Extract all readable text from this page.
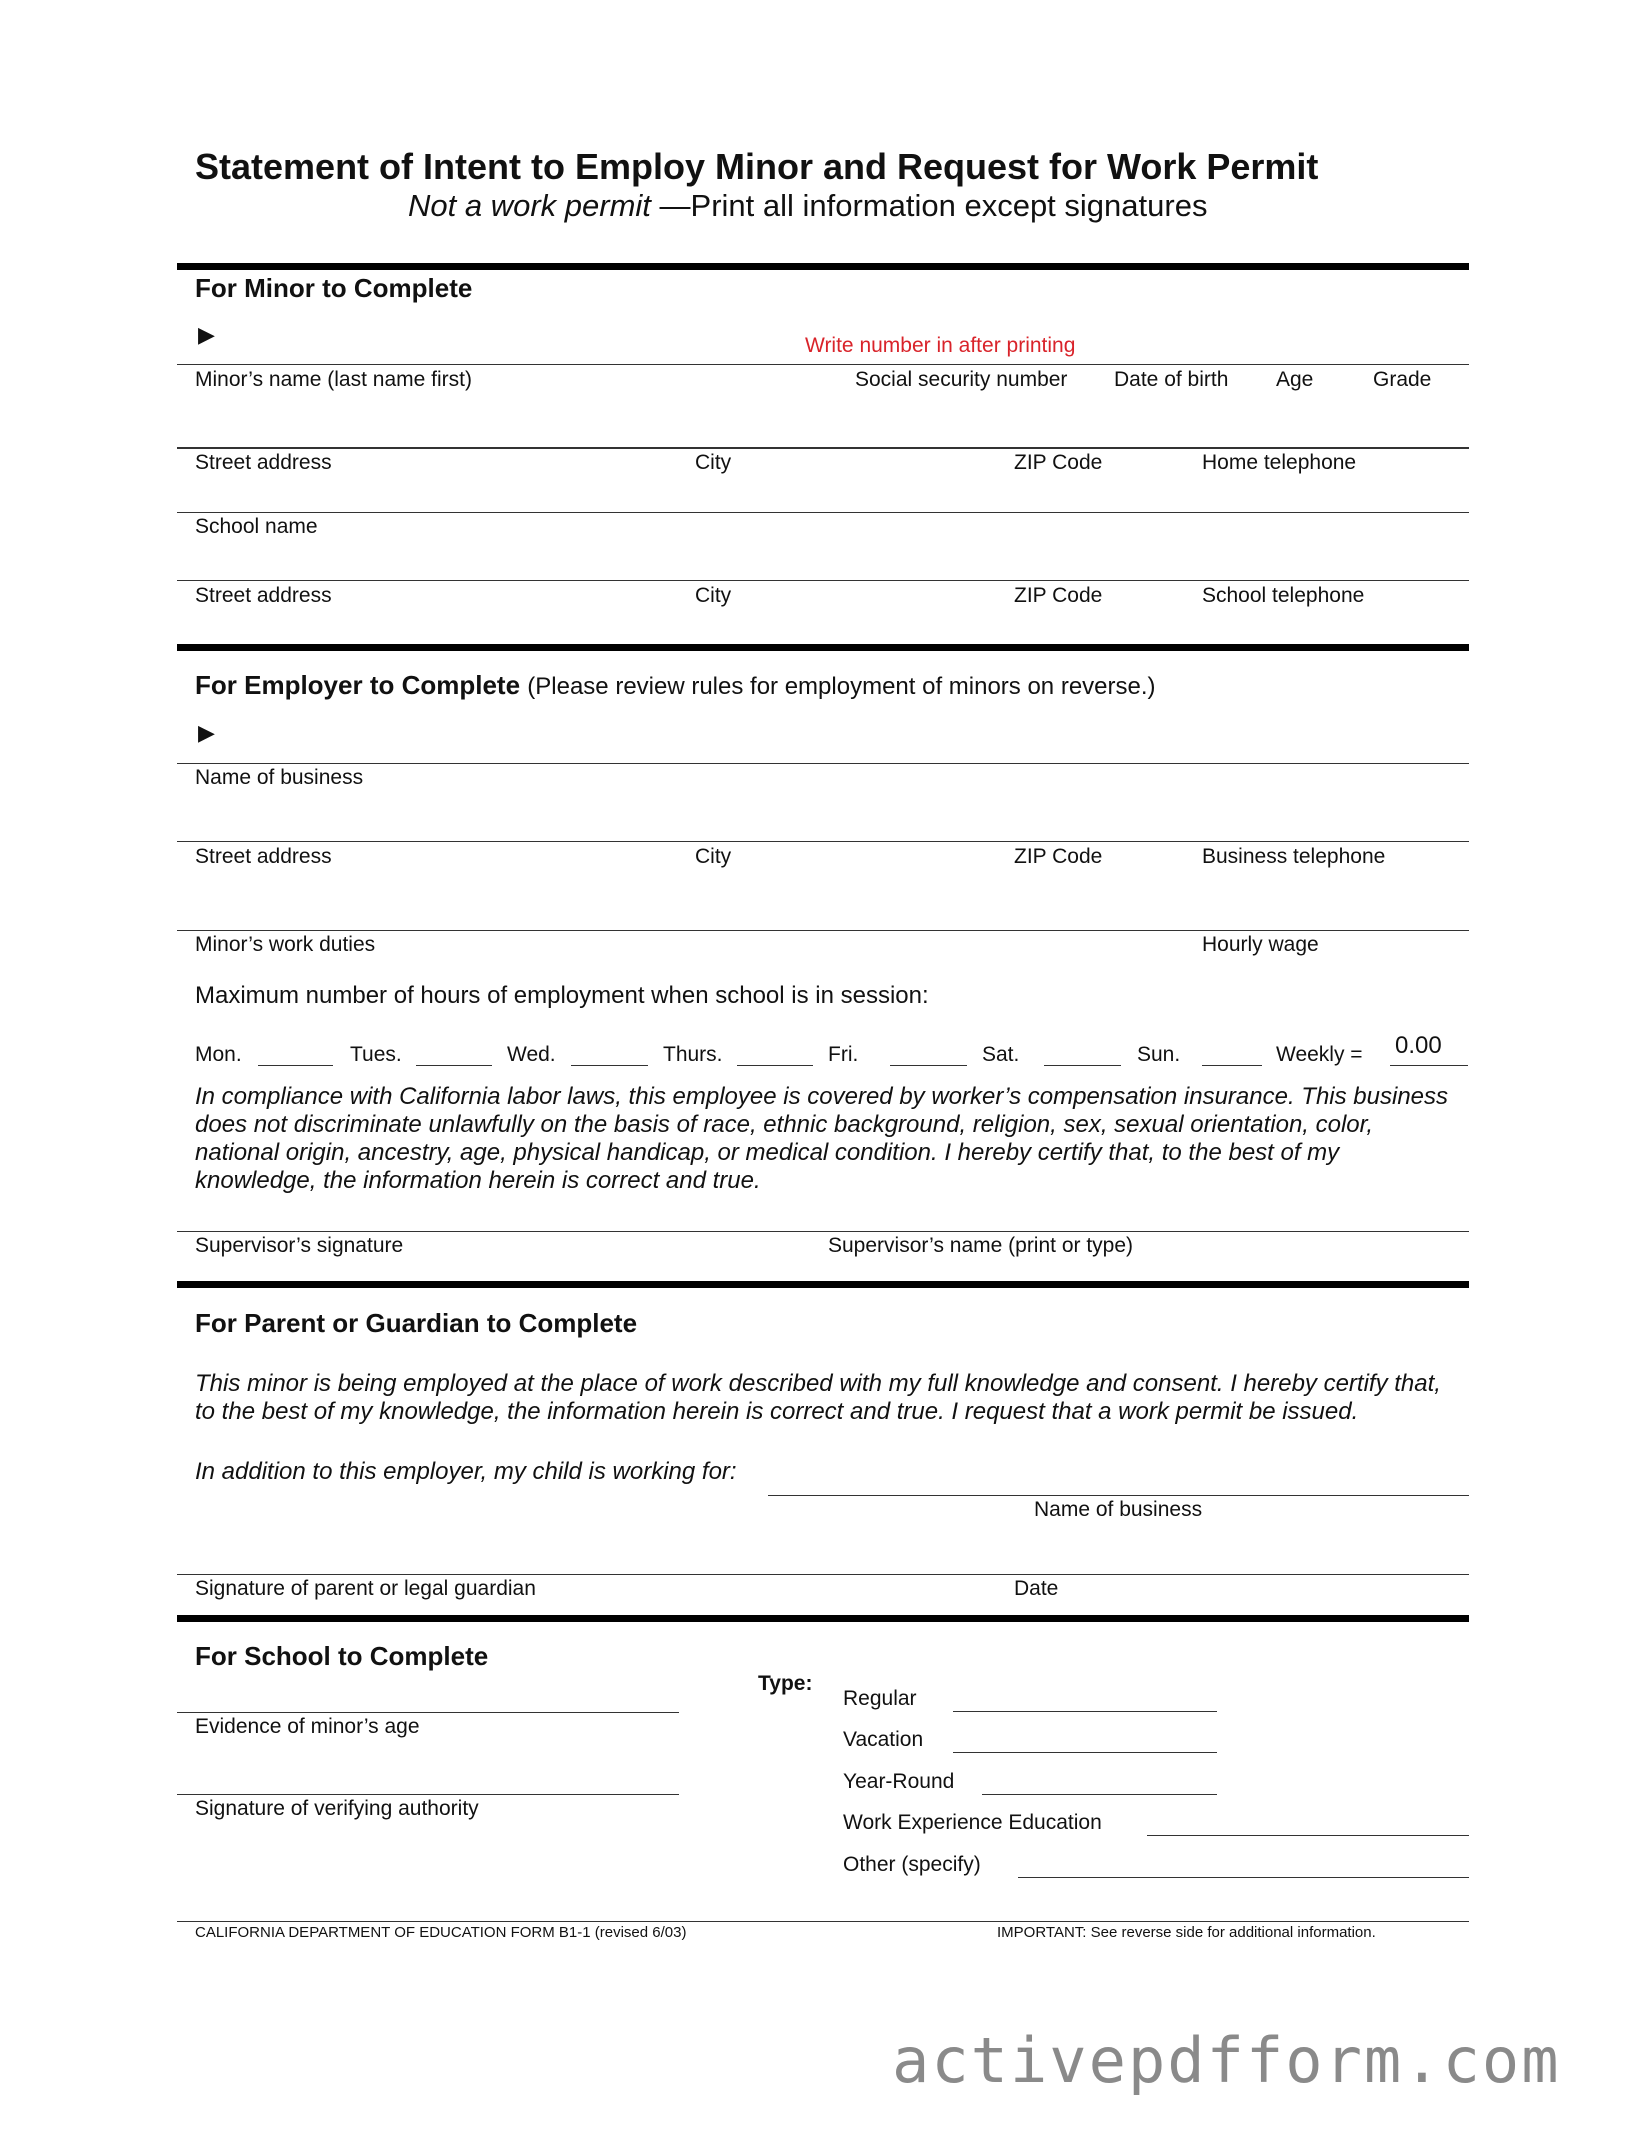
Statement of Intent to Employ Minor and Request for Work Permit
Not a work permit —Print all information except signatures
For Minor to Complete
▶	Write number in after printing
Minor’s name (last name first)	Social security number Date of birth Age	Grade
Street address	City	ZIP Code	Home telephone
School name
Street address	City	ZIP Code	School telephone
For Employer to Complete (Please review rules for employment of minors on reverse.)
▶
Name of business
Street address	City	ZIP Code	Business telephone
Minor’s work duties	Hourly wage
Maximum number of hours of employment when school is in session:
Mon.	Tues.	Wed.	Thurs.	Fri.	Sat.	Sun.	Weekly = 0.00
In compliance with California labor laws, this employee is covered by worker’s compensation insurance. This business does not discriminate unlawfully on the basis of race, ethnic background, religion, sex, sexual orientation, color, national origin, ancestry, age, physical handicap, or medical condition. I hereby certify that, to the best of my knowledge, the information herein is correct and true.
Supervisor’s signature	Supervisor’s name (print or type)
For Parent or Guardian to Complete
This minor is being employed at the place of work described with my full knowledge and consent. I hereby certify that, to the best of my knowledge, the information herein is correct and true. I request that a work permit be issued.
In addition to this employer, my child is working for:
Name of business
Signature of parent or legal guardian	Date
For School to Complete
Type:
Evidence of minor’s age
Signature of verifying authority
Regular
Vacation
Year-Round
Work Experience Education
Other (specify)
CALIFORNIA DEPARTMENT OF EDUCATION FORM B1-1 (revised 6/03)	IMPORTANT: See reverse side for additional information.
activepdfform.com
